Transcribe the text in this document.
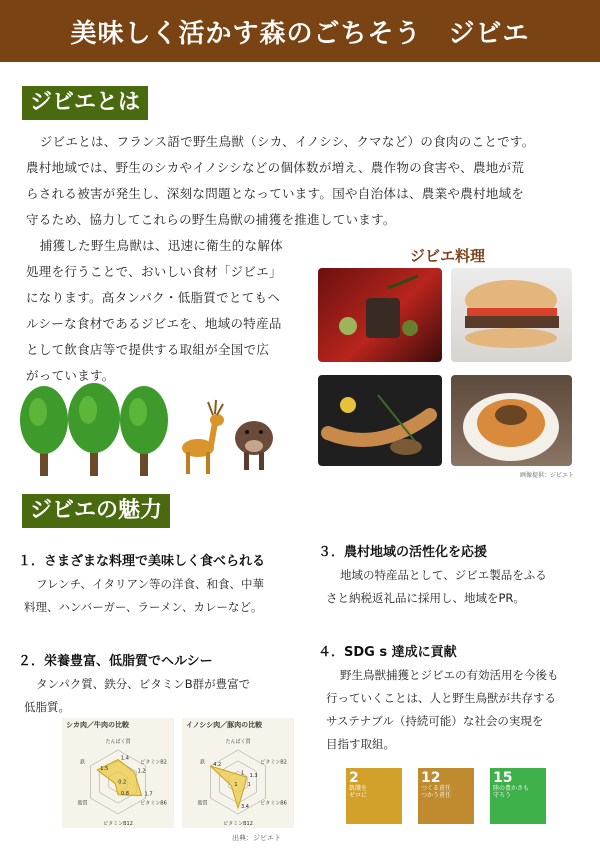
美味しく活かす森のごちそう　ジビエ
ジビエとは
ジビエとは、フランス語で野生鳥獣（シカ、イノシシ、クマなど）の食肉のことです。
農村地域では、野生のシカやイノシシなどの個体数が増え、農作物の食害や、農地が荒
らされる被害が発生し、深刻な問題となっています。国や自治体は、農業や農村地域を
守るため、協力してこれらの野生鳥獣の捕獲を推進しています。
捕獲した野生鳥獣は、迅速に衛生的な解体
処理を行うことで、おいしい食材「ジビエ」
になります。高タンパク・低脂質でとてもヘ
ルシーな食材であるジビエを、地域の特産品
として飲食店等で提供する取組が全国で広
がっています。
ジビエ料理
画像提供：ジビエト
ジビエの魅力
１．さまざまな料理で美味しく食べられる
フレンチ、イタリアン等の洋食、和食、中華
料理、ハンバーガー、ラーメン、カレーなど。
２．栄養豊富、低脂質でヘルシー
タンパク質、鉄分、ビタミンB群が豊富で
低脂質。
シカ肉／牛肉の比較
たんぱく質
ビタミンB2
ビタミンB6
ビタミンB12
脂質
鉄
1.4
1.2
1.7
0.8
0.2
1.5
イノシシ肉／豚肉の比較
たんぱく質
ビタミンB2
ビタミンB6
ビタミンB12
脂質
鉄
1 1.3
1
3.4
1
4.2
出典：ジビエト
３．農村地域の活性化を応援
地域の特産品として、ジビエ製品をふる
さと納税返礼品に採用し、地域をPR。
４．SDG s 達成に貢献
野生鳥獣捕獲とジビエの有効活用を今後も
行っていくことは、人と野生鳥獣が共存する
サステナブル（持続可能）な社会の実現を
目指す取組。
2
飢餓を
ゼロに
12
つくる責任
つかう責任
15
陸の豊かさも
守ろう
